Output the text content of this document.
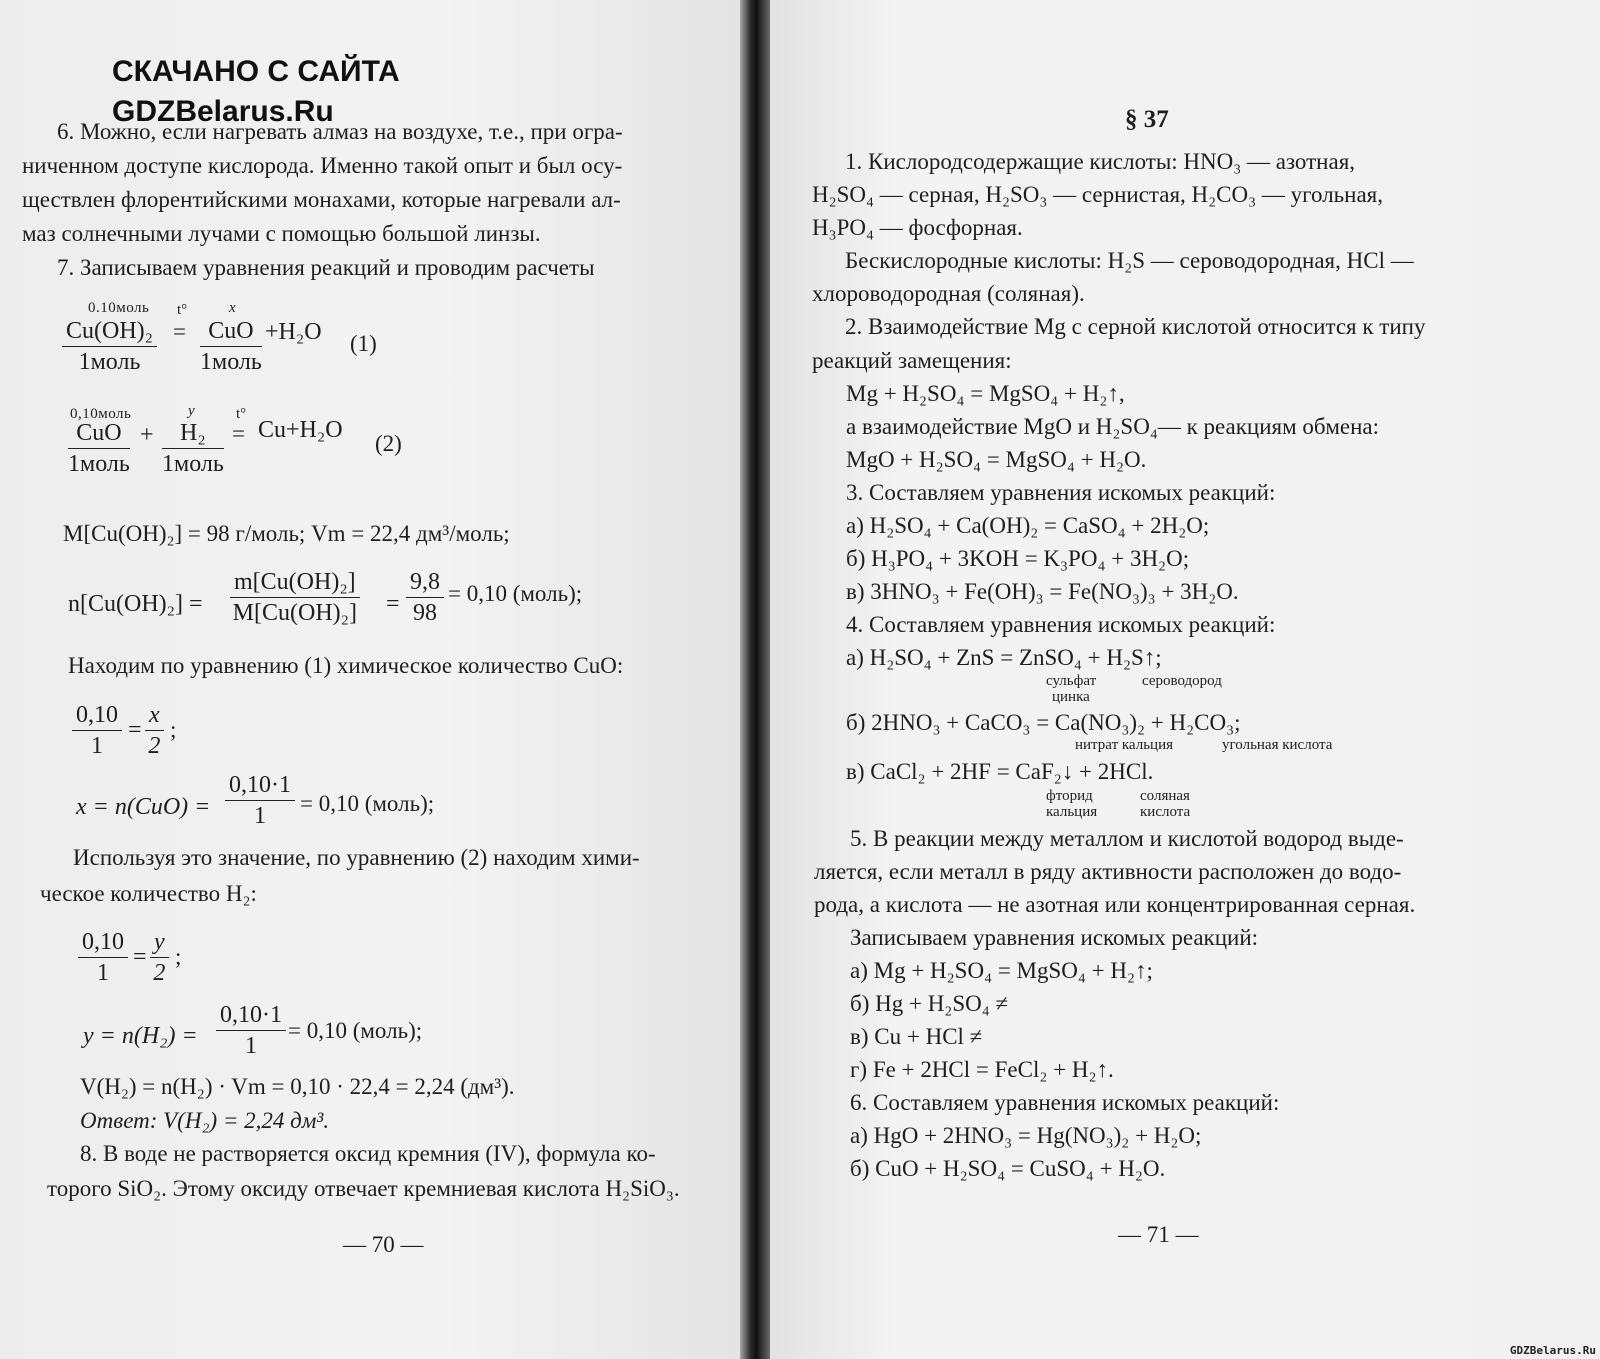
СКАЧАНО С САЙТА
GDZBelarus.Ru
6. Можно, если нагревать алмаз на воздухе, т.е., при огра-
ниченном доступе кислорода. Именно такой опыт и был осу-
ществлен флорентийскими монахами, которые нагревали ал-
маз солнечными лучами с помощью большой линзы.
7. Записываем уравнения реакций и проводим расчеты
0.10моль
Cu(OH)₂
1моль
t°
=
x
CuO
1моль
+H₂O (1)
0,10моль
CuO
1моль
+
y
H₂
1моль
t°
= Cu+H₂O
(2)
M[Cu(OH)₂] = 98 г/моль; Vm = 22,4 дм³/моль;
$n[Cu(OH)_2] = \frac{\text{m[Cu(OH)₂]}}{\text{M[Cu(OH)₂]}} = \frac{9,8}{98} = 0,10$ (моль);
Находим по уравнению (1) химическое количество CuO:
$\frac{0,10}{1} = \frac{x}{2}$ ;
$x = n(CuO) = \frac{0,10\cdot 1}{1} = 0,10$ (моль);
Используя это значение, по уравнению (2) находим хими-
ческое количество H₂:
$\frac{0,10}{1} = \frac{y}{2}$ ;
$y = n(H_2) = \frac{0,10\cdot 1}{1} = 0,10$ (моль);
V(H₂) = n(H₂) · Vm = 0,10 · 22,4 = 2,24 (дм³).
Ответ: V(H₂) = 2,24 дм³.
8. В воде не растворяется оксид кремния (IV), формула ко-
торого SiO₂. Этому оксиду отвечает кремниевая кислота H₂SiO₃.
— 70 —
§ 37
1. Кислородсодержащие кислоты: HNO₃ — азотная,
H₂SO₄ — серная, H₂SO₃ — сернистая, H₂CO₃ — угольная,
H₃PO₄ — фосфорная.
Бескислородные кислоты: H₂S — сероводородная, HCl —
хлороводородная (соляная).
2. Взаимодействие Mg с серной кислотой относится к типу
реакций замещения:
Mg + H₂SO₄ = MgSO₄ + H₂↑,
а взаимодействие MgO и H₂SO₄— к реакциям обмена:
MgO + H₂SO₄ = MgSO₄ + H₂O.
3. Составляем уравнения искомых реакций:
а) H₂SO₄ + Ca(OH)₂ = CaSO₄ + 2H₂O;
б) H₃PO₄ + 3KOH = K₃PO₄ + 3H₂O;
в) 3HNO₃ + Fe(OH)₃ = Fe(NO₃)₃ + 3H₂O.
4. Составляем уравнения искомых реакций:
а) H₂SO₄ + ZnS = ZnSO₄ + H₂S↑;
сульфат
цинка
сероводород
б) 2HNO₃ + CaCO₃ = Ca(NO₃)₂ + H₂CO₃;
нитрат кальция	угольная кислота
в) CaCl₂ + 2HF = CaF₂↓ + 2HCl.
фторид
кальция
соляная
кислота
5. В реакции между металлом и кислотой водород выде-
ляется, если металл в ряду активности расположен до водо-
рода, а кислота — не азотная или концентрированная серная.
Записываем уравнения искомых реакций:
а) Mg + H₂SO₄ = MgSO₄ + H₂↑;
б) Hg + H₂SO₄ ≠
в) Cu + HCl ≠
г) Fe + 2HCl = FeCl₂ + H₂↑.
6. Составляем уравнения искомых реакций:
а) HgO + 2HNO₃ = Hg(NO₃)₂ + H₂O;
б) CuO + H₂SO₄ = CuSO₄ + H₂O.
— 71 —
GDZBelarus.Ru
